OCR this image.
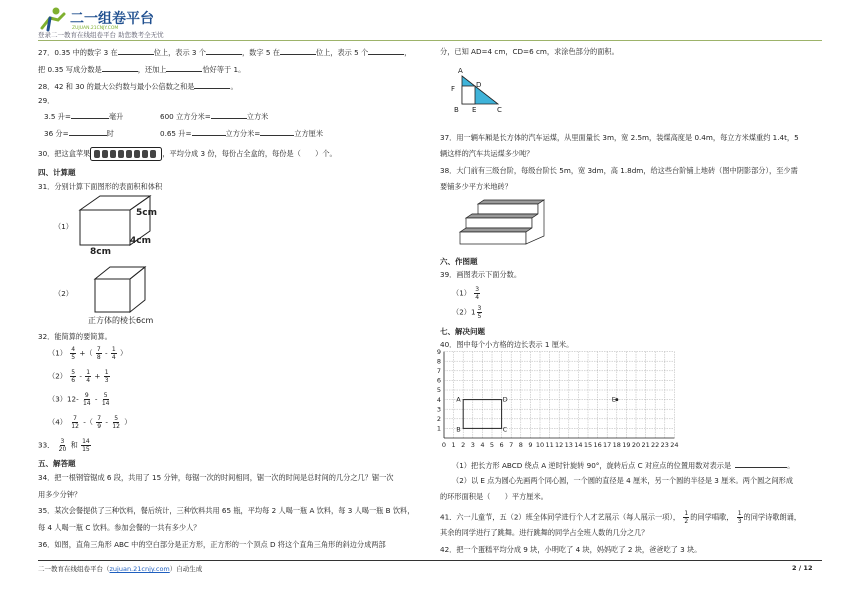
二一组卷平台
ZUJUAN.21CNJY.COM
登录二一教育在线组卷平台 助您教考全无忧
27．0.35 中的数字 3 在	位上，表示 3 个	，数字 5 在	位上，表示 5 个	，
把 0.35 写成分数是	，还加上	恰好等于 1。
28．42 和 30 的最大公约数与最小公倍数之和是	。
29．
3.5 升=	毫升	600 立方分米=	立方米
36 分=	时	0.65 升=	立方分米=	立方厘米
30．把这盒苹果	，平均分成 3 份，每份占全盒的，每份是（　　）个。
四、计算题
31．分别计算下面图形的表面积和体积
（1）
5cm
4cm
8cm
（2）
正方体的棱长6cm
32．能简算的要简算。
$(1) \frac{4}{5}$ +（ $\frac{7}{8} - \frac{1}{4}$ ）
$(2) \frac{5}{6} - \frac{1}{4} + \frac{1}{3}$
$(3)12- \frac{9}{14} - \frac{5}{14}$
$(4) \frac{7}{12}$ -（ $\frac{7}{9} - \frac{5}{12}$ ）
33． $\frac{3}{20}$ 和 $\frac{14}{15}$
五、解答题
34．把一根钢管锯成 6 段，共用了 15 分钟，每锯一次的时间相同，锯一次的时间是总时间的几分之几？锯一次
用多少分钟？
35．某次会餐提供了三种饮料，餐后统计，三种饮料共用 65 瓶，平均每 2 人喝一瓶 A 饮料，每 3 人喝一瓶 B 饮料，
每 4 人喝一瓶 C 饮料。参加会餐的一共有多少人？
36．如图，直角三角形 ABC 中的空白部分是正方形，正方形的一个顶点 D 将这个直角三角形的斜边分成两部
分，已知 AD=4 cm，CD=6 cm，求涂色部分的面积。
A
D
F
B E	C
37．用一辆车厢是长方体的汽车运煤，从里面量长 3m，宽 2.5m，装煤高度是 0.4m，每立方米煤重约 1.4t，5
辆这样的汽车共运煤多少吨？
38．大门前有三级台阶，每级台阶长 5m，宽 3dm，高 1.8dm，给这些台阶铺上地砖（图中阴影部分），至少需
要铺多少平方米地砖？
六、作图题
39．画图表示下面分数。
$(1) \frac{3}{4}$
$(2)1 \frac{3}{5}$
七、解决问题
40．图中每个小方格的边长表示 1 厘米。
0 1 2 3 4 5 6 7 8 9 10 11 12 13 14 15 16 17 18 19 20 21 22 23 24
9
8
7
6
5
4
3
2
1
A	D
B	C
E
（1）把长方形 ABCD 绕点 A 逆时针旋转 90°，旋转后点 C 对应点的位置用数对表示是	。
（2）以 E 点为圆心先画两个同心圆，一个圆的直径是 4 厘米，另一个圆的半径是 3 厘米。两个圆之间形成
的环形面积是（　　）平方厘米。
41．六一儿童节，五（2）班全体同学进行个人才艺展示（每人展示一项）， $\frac{1}{2}$ 的同学唱歌， $\frac{1}{3}$ 的同学诗歌朗诵，
其余的同学进行了跳舞。进行跳舞的同学占全班人数的几分之几？
42．把一个蛋糕平均分成 9 块，小明吃了 4 块，妈妈吃了 2 块，爸爸吃了 3 块。
二一教育在线组卷平台（zujuan.21cnjy.com）自动生成	2 / 12
